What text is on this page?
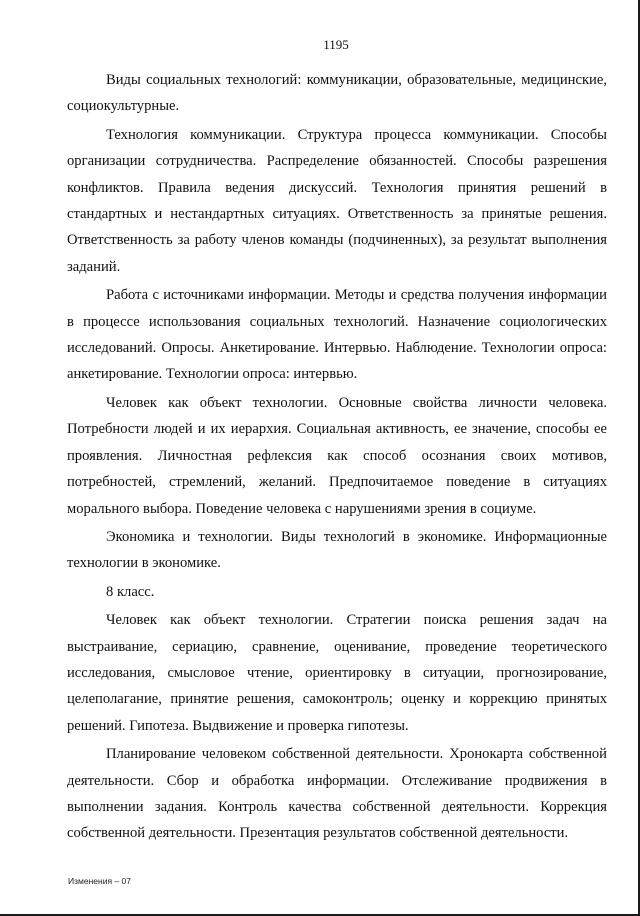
1195

Виды социальных технологий: коммуникации, образовательные, медицинские, социокультурные.

Технология коммуникации. Структура процесса коммуникации. Способы организации сотрудничества. Распределение обязанностей. Способы разрешения конфликтов. Правила ведения дискуссий. Технология принятия решений в стандартных и нестандартных ситуациях. Ответственность за принятые решения. Ответственность за работу членов команды (подчиненных), за результат выполнения заданий.

Работа с источниками информации. Методы и средства получения информации в процессе использования социальных технологий. Назначение социологических исследований. Опросы. Анкетирование. Интервью. Наблюдение. Технологии опроса: анкетирование. Технологии опроса: интервью.

Человек как объект технологии. Основные свойства личности человека. Потребности людей и их иерархия. Социальная активность, ее значение, способы ее проявления. Личностная рефлексия как способ осознания своих мотивов, потребностей, стремлений, желаний. Предпочитаемое поведение в ситуациях морального выбора. Поведение человека с нарушениями зрения в социуме.

Экономика и технологии. Виды технологий в экономике. Информационные технологии в экономике.

8 класс.

Человек как объект технологии. Стратегии поиска решения задач на выстраивание, сериацию, сравнение, оценивание, проведение теоретического исследования, смысловое чтение, ориентировку в ситуации, прогнозирование, целеполагание, принятие решения, самоконтроль; оценку и коррекцию принятых решений. Гипотеза. Выдвижение и проверка гипотезы.

Планирование человеком собственной деятельности. Хронокарта собственной деятельности. Сбор и обработка информации. Отслеживание продвижения в выполнении задания. Контроль качества собственной деятельности. Коррекция собственной деятельности. Презентация результатов собственной деятельности.

Изменения – 07
